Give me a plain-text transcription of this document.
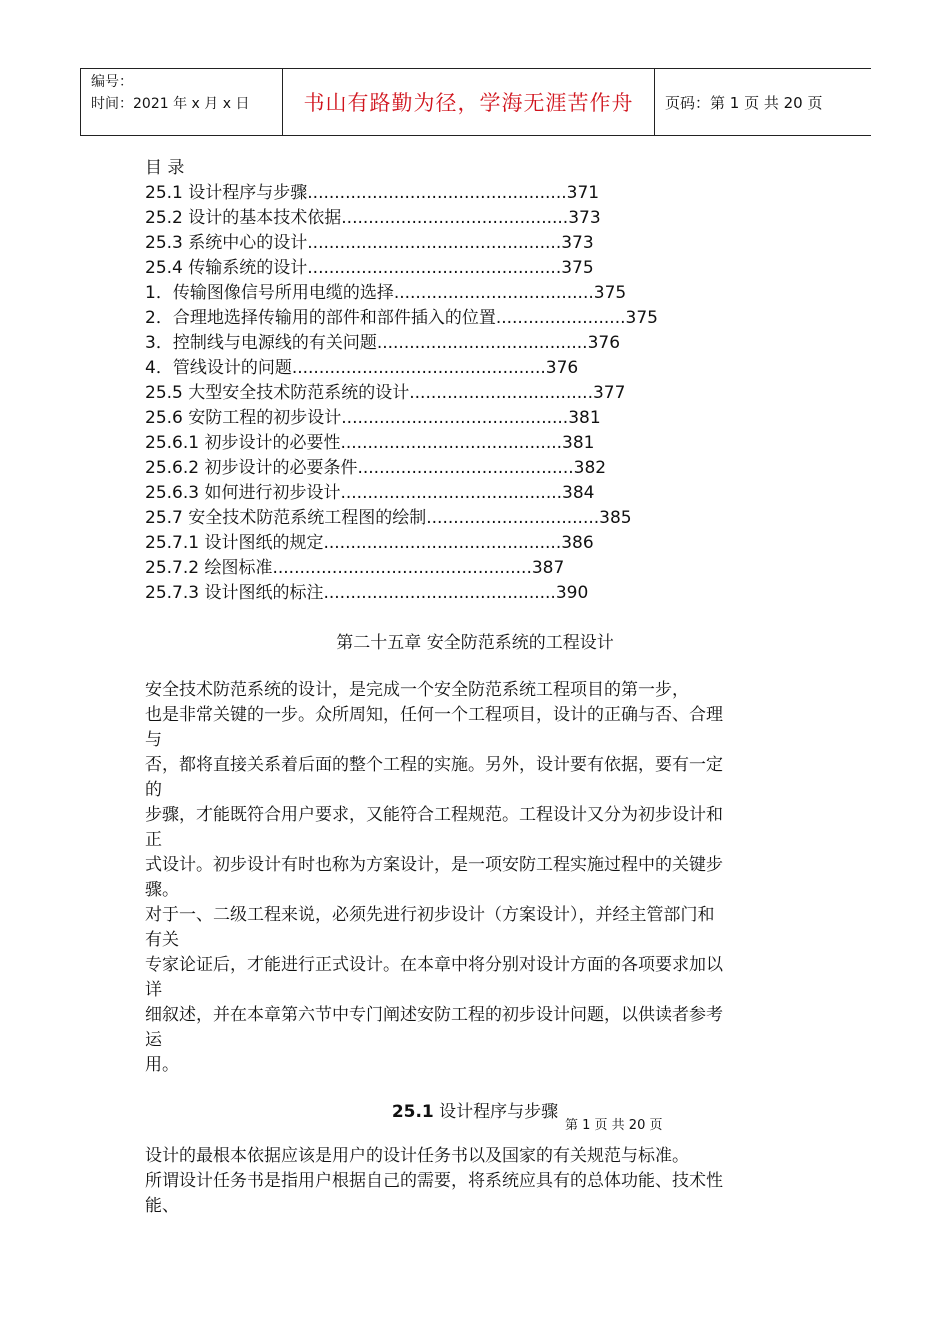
编号：
时间：2021 年 x 月 x 日	书山有路勤为径，学海无涯苦作舟	页码：第 1 页 共 20 页
目 录
25.1 设计程序与步骤................................................371
25.2 设计的基本技术依据..........................................373
25.3 系统中心的设计...............................................373
25.4 传输系统的设计...............................................375
1．传输图像信号所用电缆的选择.....................................375
2．合理地选择传输用的部件和部件插入的位置........................375
3．控制线与电源线的有关问题.......................................376
4．管线设计的问题...............................................376
25.5 大型安全技术防范系统的设计..................................377
25.6 安防工程的初步设计..........................................381
25.6.1 初步设计的必要性.........................................381
25.6.2 初步设计的必要条件........................................382
25.6.3 如何进行初步设计.........................................384
25.7 安全技术防范系统工程图的绘制................................385
25.7.1 设计图纸的规定............................................386
25.7.2 绘图标准................................................387
25.7.3 设计图纸的标注...........................................390
第二十五章 安全防范系统的工程设计
安全技术防范系统的设计，是完成一个安全防范系统工程项目的第一步，
也是非常关键的一步。众所周知，任何一个工程项目，设计的正确与否、合理
与
否，都将直接关系着后面的整个工程的实施。另外，设计要有依据，要有一定
的
步骤，才能既符合用户要求，又能符合工程规范。工程设计又分为初步设计和
正
式设计。初步设计有时也称为方案设计，是一项安防工程实施过程中的关键步
骤。
对于一、二级工程来说，必须先进行初步设计（方案设计），并经主管部门和
有关
专家论证后，才能进行正式设计。在本章中将分别对设计方面的各项要求加以
详
细叙述，并在本章第六节中专门阐述安防工程的初步设计问题，以供读者参考
运
用。
25.1 设计程序与步骤
第 1 页 共 20 页
设计的最根本依据应该是用户的设计任务书以及国家的有关规范与标准。
所谓设计任务书是指用户根据自己的需要，将系统应具有的总体功能、技术性
能、
